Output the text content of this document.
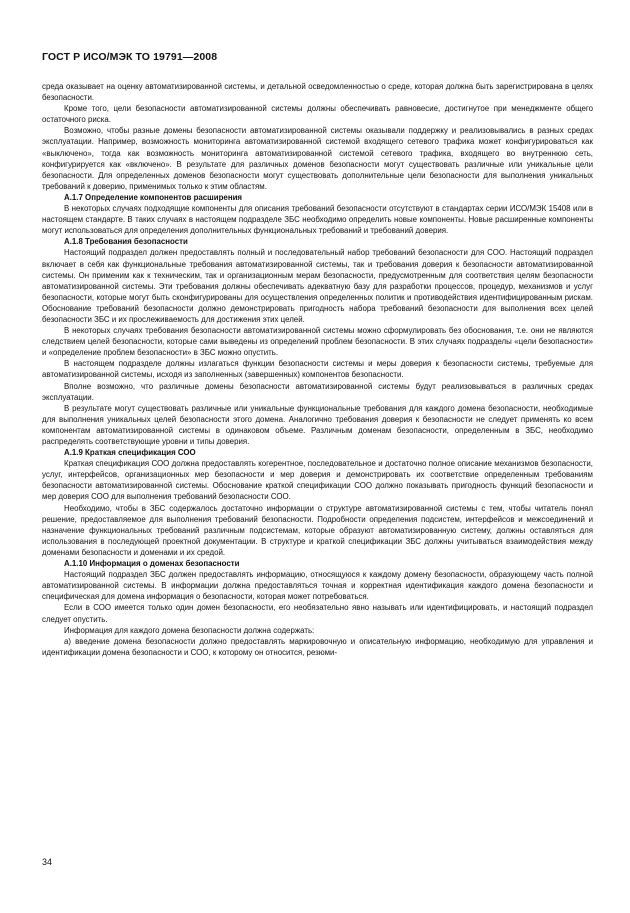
ГОСТ Р ИСО/МЭК ТО 19791—2008

среда оказывает на оценку автоматизированной системы, и детальной осведомленностью о среде, которая должна быть зарегистрирована в целях безопасности.

Кроме того, цели безопасности автоматизированной системы должны обеспечивать равновесие, достигнутое при менеджменте общего остаточного риска.

Возможно, чтобы разные домены безопасности автоматизированной системы оказывали поддержку и реализовывались в разных средах эксплуатации. Например, возможность мониторинга автоматизированной системой входящего сетевого трафика может конфигурироваться как «выключено», тогда как возможность мониторинга автоматизированной системой сетевого трафика, входящего во внутреннюю сеть, конфигурируется как «включено». В результате для различных доменов безопасности могут существовать различные или уникальные цели безопасности. Для определенных доменов безопасности могут существовать дополнительные цели безопасности для выполнения уникальных требований к доверию, применимых только к этим областям.

А.1.7 Определение компонентов расширения

В некоторых случаях подходящие компоненты для описания требований безопасности отсутствуют в стандартах серии ИСО/МЭК 15408 или в настоящем стандарте. В таких случаях в настоящем подразделе ЗБС необходимо определить новые компоненты. Новые расширенные компоненты могут использоваться для определения дополнительных функциональных требований и требований доверия.

А.1.8 Требования безопасности

Настоящий подраздел должен предоставлять полный и последовательный набор требований безопасности для СОО. Настоящий подраздел включает в себя как функциональные требования автоматизированной системы, так и требования доверия к безопасности автоматизированной системы. Он применим как к техническим, так и организационным мерам безопасности, предусмотренным для соответствия целям безопасности автоматизированной системы. Эти требования должны обеспечивать адекватную базу для разработки процессов, процедур, механизмов и услуг безопасности, которые могут быть сконфигурированы для осуществления определенных политик и противодействия идентифицированным рискам. Обоснование требований безопасности должно демонстрировать пригодность набора требований безопасности для выполнения всех целей безопасности ЗБС и их прослеживаемость для достижения этих целей.

В некоторых случаях требования безопасности автоматизированной системы можно сформулировать без обоснования, т.е. они не являются следствием целей безопасности, которые сами выведены из определений проблем безопасности. В этих случаях подразделы «цели безопасности» и «определение проблем безопасности» в ЗБС можно опустить.

В настоящем подразделе должны излагаться функции безопасности системы и меры доверия к безопасности системы, требуемые для автоматизированной системы, исходя из заполненных (завершенных) компонентов безопасности.

Вполне возможно, что различные домены безопасности автоматизированной системы будут реализовываться в различных средах эксплуатации.

В результате могут существовать различные или уникальные функциональные требования для каждого домена безопасности, необходимые для выполнения уникальных целей безопасности этого домена. Аналогично требования доверия к безопасности не следует применять ко всем компонентам автоматизированной системы в одинаковом объеме. Различным доменам безопасности, определенным в ЗБС, необходимо распределять соответствующие уровни и типы доверия.

А.1.9 Краткая спецификация СОО

Краткая спецификация СОО должна предоставлять когерентное, последовательное и достаточно полное описание механизмов безопасности, услуг, интерфейсов, организационных мер безопасности и мер доверия и демонстрировать их соответствие определенным требованиям безопасности автоматизированной системы. Обоснование краткой спецификации СОО должно показывать пригодность функций безопасности и мер доверия СОО для выполнения требований безопасности СОО.

Необходимо, чтобы в ЗБС содержалось достаточно информации о структуре автоматизированной системы с тем, чтобы читатель понял решение, предоставляемое для выполнения требований безопасности. Подробности определения подсистем, интерфейсов и межсоединений и назначение функциональных требований различным подсистемам, которые образуют автоматизированную систему, должны оставляться для использования в последующей проектной документации. В структуре и краткой спецификации ЗБС должны учитываться взаимодействия между доменами безопасности и доменами и их средой.

А.1.10 Информация о доменах безопасности

Настоящий подраздел ЗБС должен предоставлять информацию, относящуюся к каждому домену безопасности, образующему часть полной автоматизированной системы. В информации должна предоставляться точная и корректная идентификация каждого домена безопасности и специфическая для домена информация о безопасности, которая может потребоваться.

Если в СОО имеется только один домен безопасности, его необязательно явно называть или идентифицировать, и настоящий подраздел следует опустить.

Информация для каждого домена безопасности должна содержать:

а) введение домена безопасности должно предоставлять маркировочную и описательную информацию, необходимую для управления и идентификации домена безопасности и СОО, к которому он относится, резюми-

34
